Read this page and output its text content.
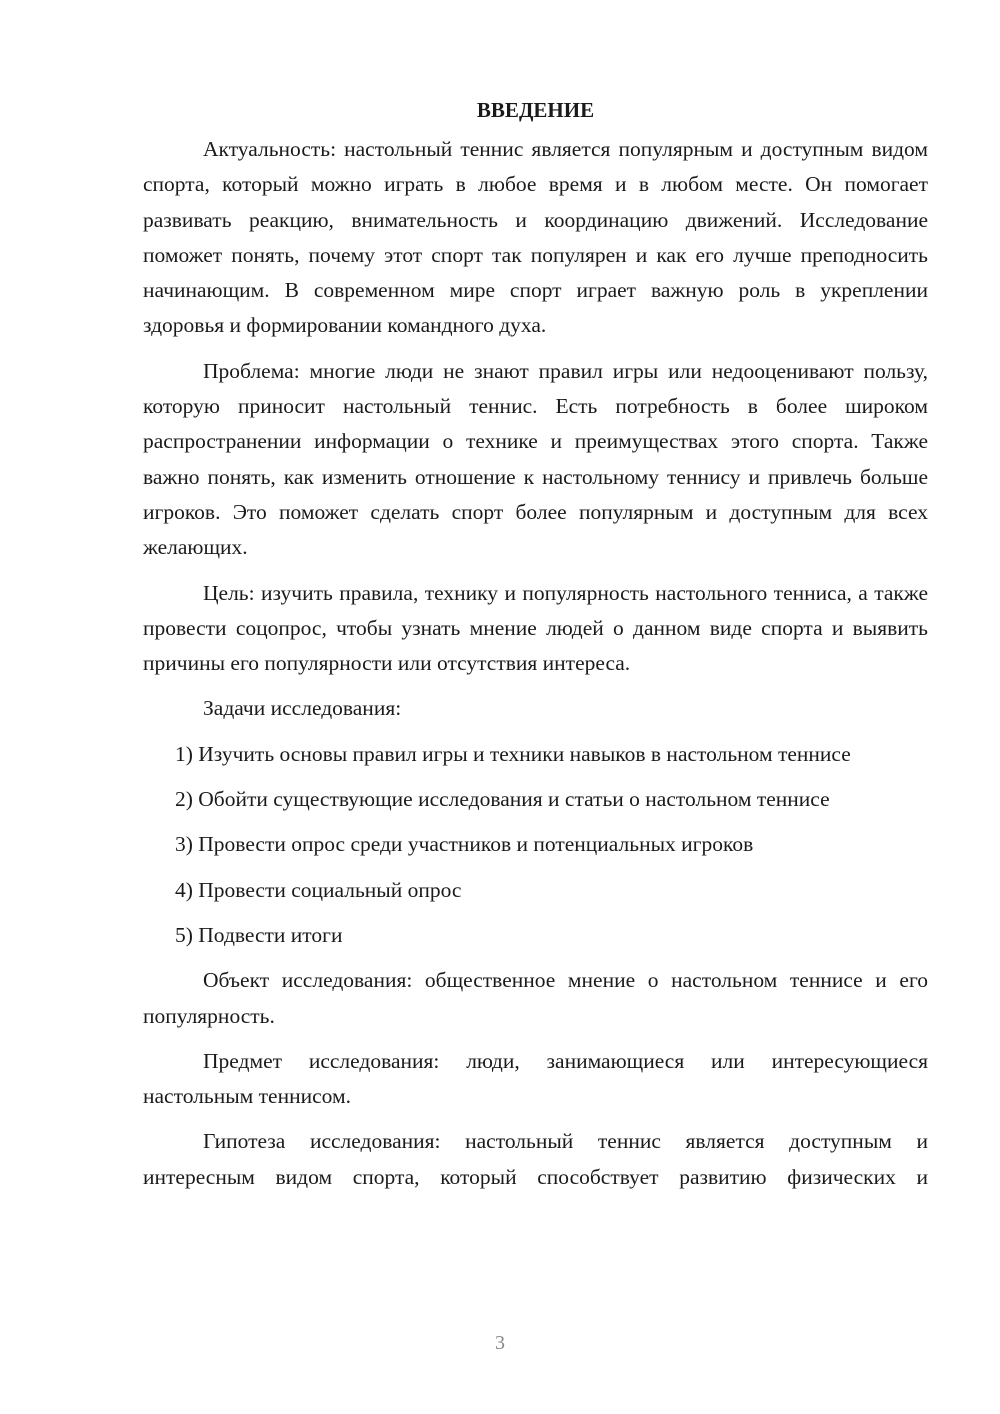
ВВЕДЕНИЕ

Актуальность: настольный теннис является популярным и доступным видом спорта, который можно играть в любое время и в любом месте. Он помогает развивать реакцию, внимательность и координацию движений. Исследование поможет понять, почему этот спорт так популярен и как его лучше преподносить начинающим. В современном мире спорт играет важную роль в укреплении здоровья и формировании командного духа.

Проблема: многие люди не знают правил игры или недооценивают пользу, которую приносит настольный теннис. Есть потребность в более широком распространении информации о технике и преимуществах этого спорта. Также важно понять, как изменить отношение к настольному теннису и привлечь больше игроков. Это поможет сделать спорт более популярным и доступным для всех желающих.

Цель: изучить правила, технику и популярность настольного тенниса, а также провести соцопрос, чтобы узнать мнение людей о данном виде спорта и выявить причины его популярности или отсутствия интереса.

Задачи исследования:

1) Изучить основы правил игры и техники навыков в настольном теннисе

2) Обойти существующие исследования и статьи о настольном теннисе

3) Провести опрос среди участников и потенциальных игроков

4) Провести социальный опрос

5) Подвести итоги

Объект исследования: общественное мнение о настольном теннисе и его популярность.

Предмет исследования: люди, занимающиеся или интересующиеся настольным теннисом.

Гипотеза исследования: настольный теннис является доступным и интересным видом спорта, который способствует развитию физических и

3
